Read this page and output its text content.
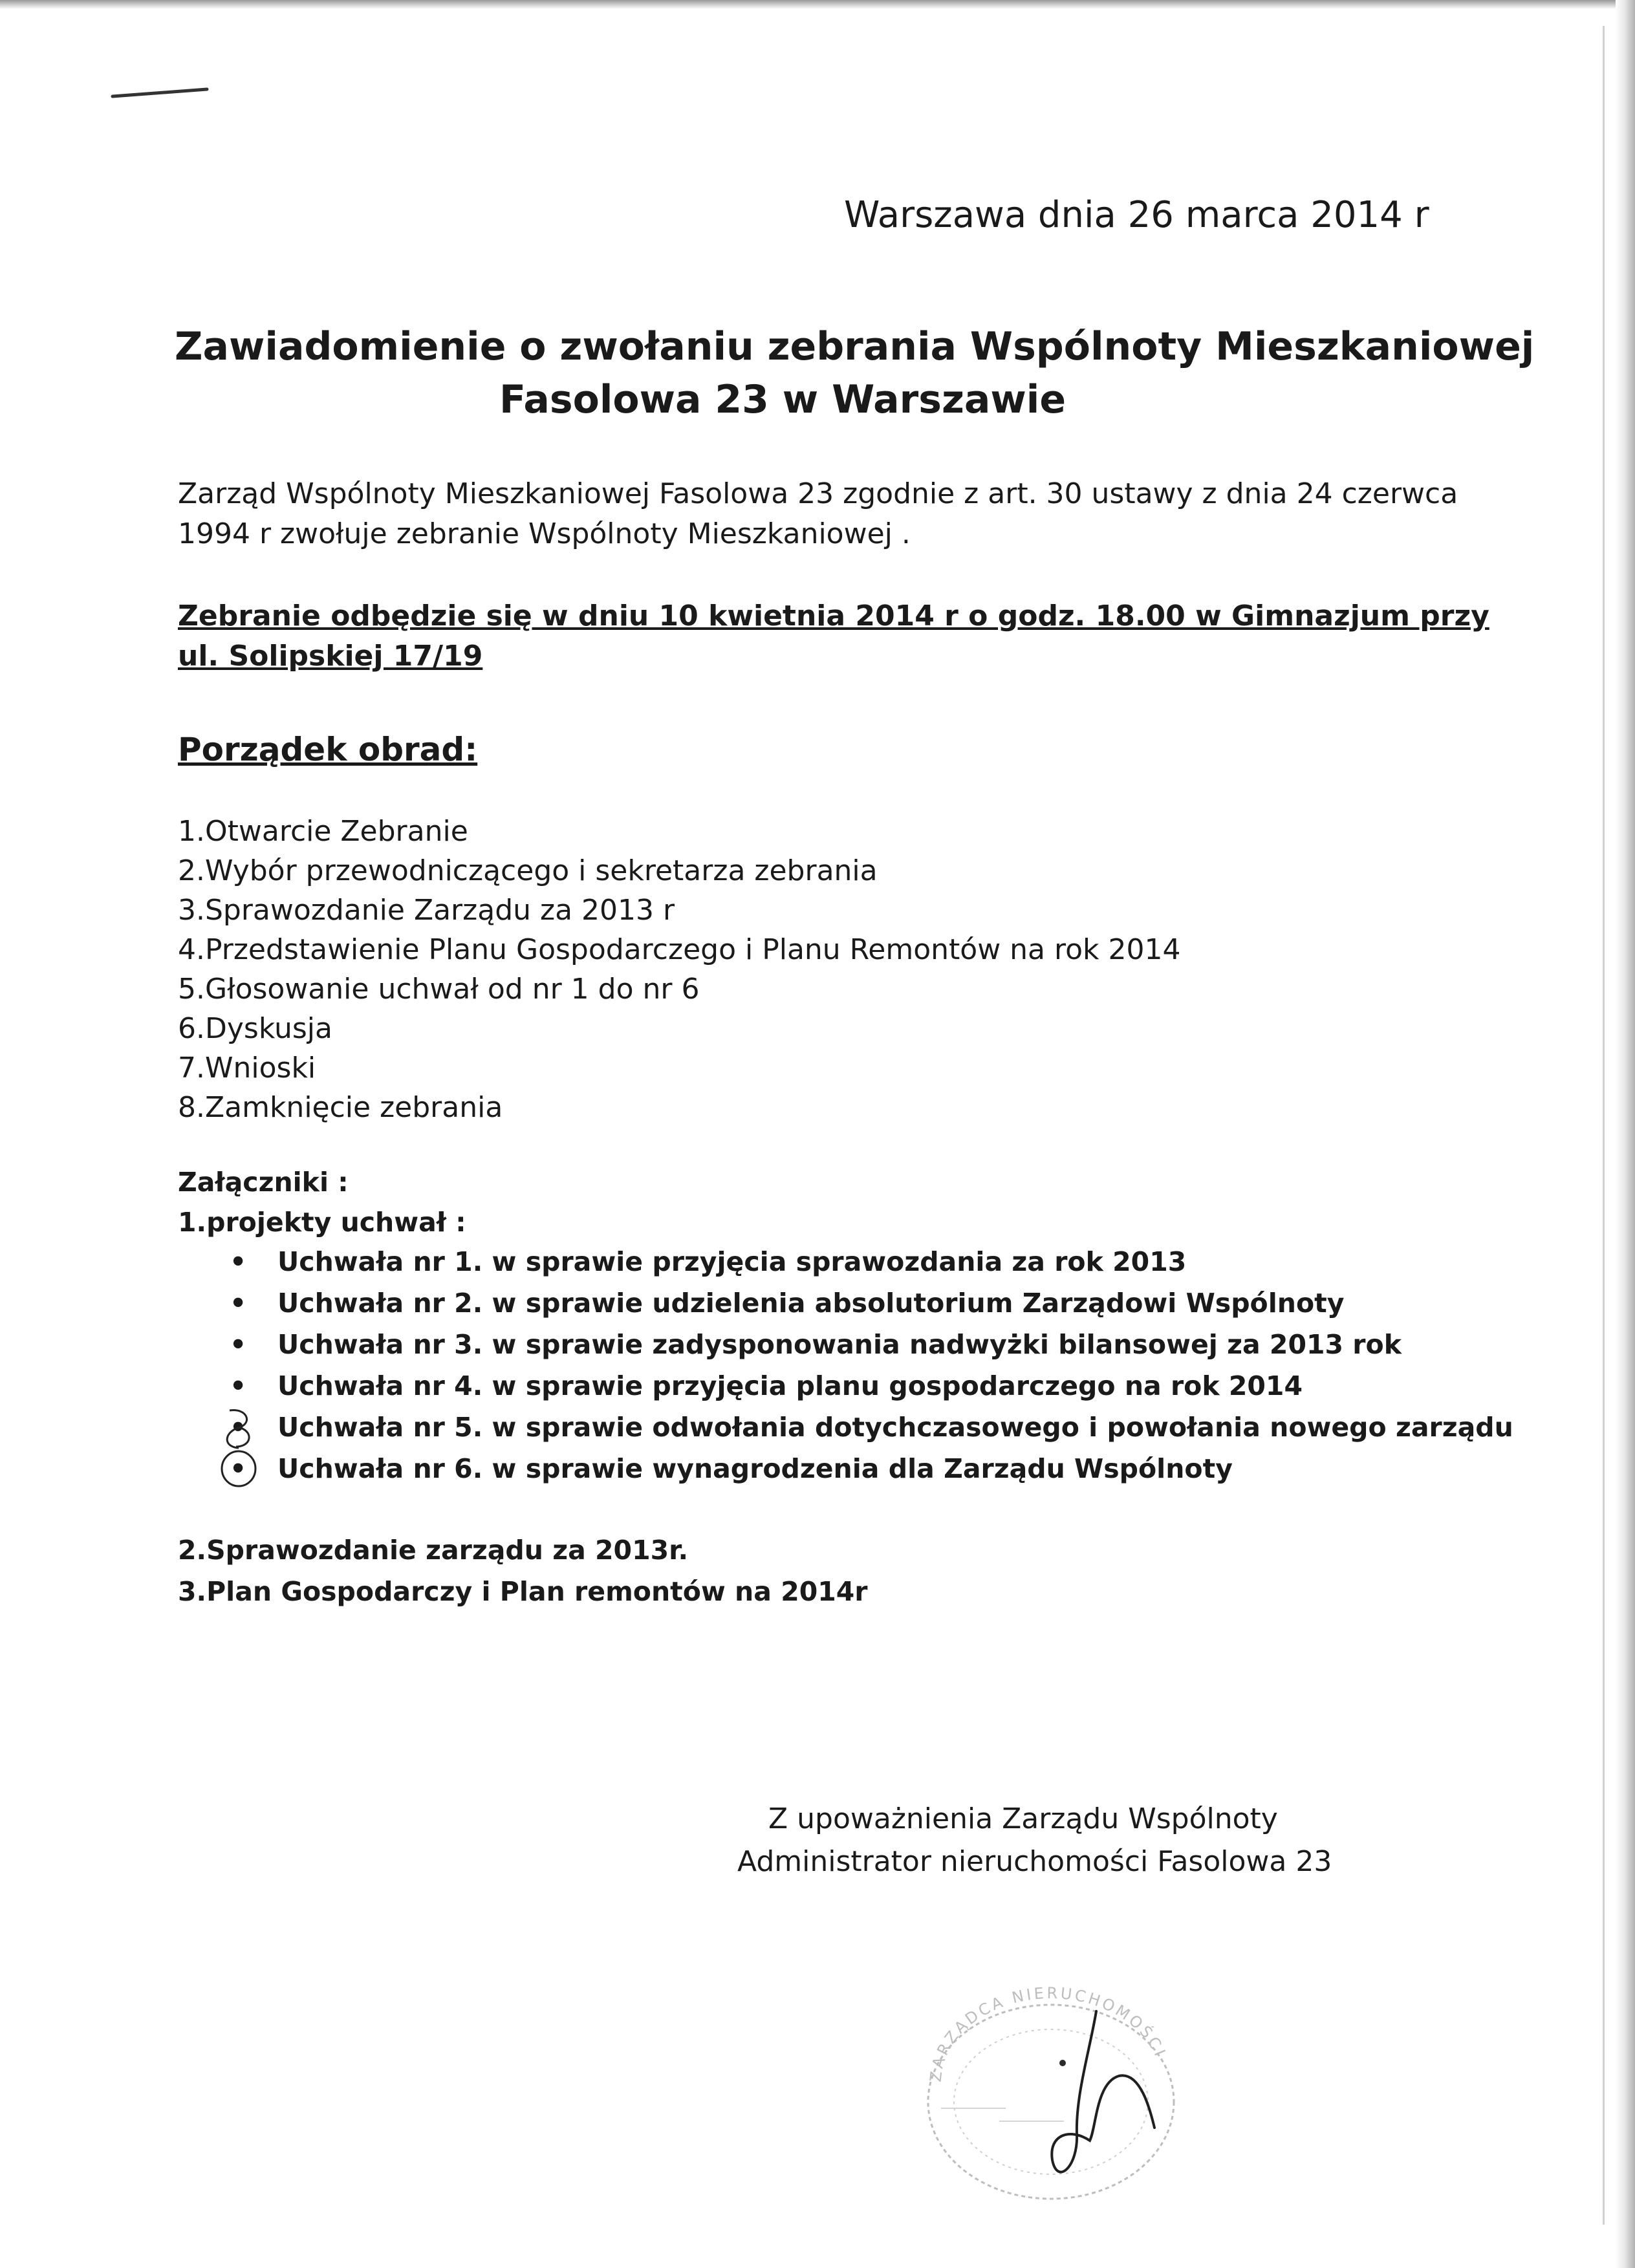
Warszawa dnia 26 marca 2014 r
Zawiadomienie o zwołaniu zebrania Wspólnoty Mieszkaniowej
Fasolowa 23 w Warszawie
Zarząd Wspólnoty Mieszkaniowej Fasolowa 23 zgodnie z art. 30 ustawy z dnia 24 czerwca
1994 r zwołuje zebranie Wspólnoty Mieszkaniowej .
Zebranie odbędzie się w dniu 10 kwietnia 2014 r o godz. 18.00 w Gimnazjum przy
ul. Solipskiej 17/19
Porządek obrad:
1.Otwarcie Zebranie
2.Wybór przewodniczącego i sekretarza zebrania
3.Sprawozdanie Zarządu za 2013 r
4.Przedstawienie Planu Gospodarczego i Planu Remontów na rok 2014
5.Głosowanie uchwał od nr 1 do nr 6
6.Dyskusja
7.Wnioski
8.Zamknięcie zebrania
Załączniki :
1.projekty uchwał :
• Uchwała nr 1. w sprawie przyjęcia sprawozdania za rok 2013
• Uchwała nr 2. w sprawie udzielenia absolutorium Zarządowi Wspólnoty
• Uchwała nr 3. w sprawie zadysponowania nadwyżki bilansowej za 2013 rok
• Uchwała nr 4. w sprawie przyjęcia planu gospodarczego na rok 2014
• Uchwała nr 5. w sprawie odwołania dotychczasowego i powołania nowego zarządu
• Uchwała nr 6. w sprawie wynagrodzenia dla Zarządu Wspólnoty
2.Sprawozdanie zarządu za 2013r.
3.Plan Gospodarczy i Plan remontów na 2014r
Z upoważnienia Zarządu Wspólnoty
Administrator nieruchomości Fasolowa 23
ZARZĄDCA NIERUCHOMOŚCI
